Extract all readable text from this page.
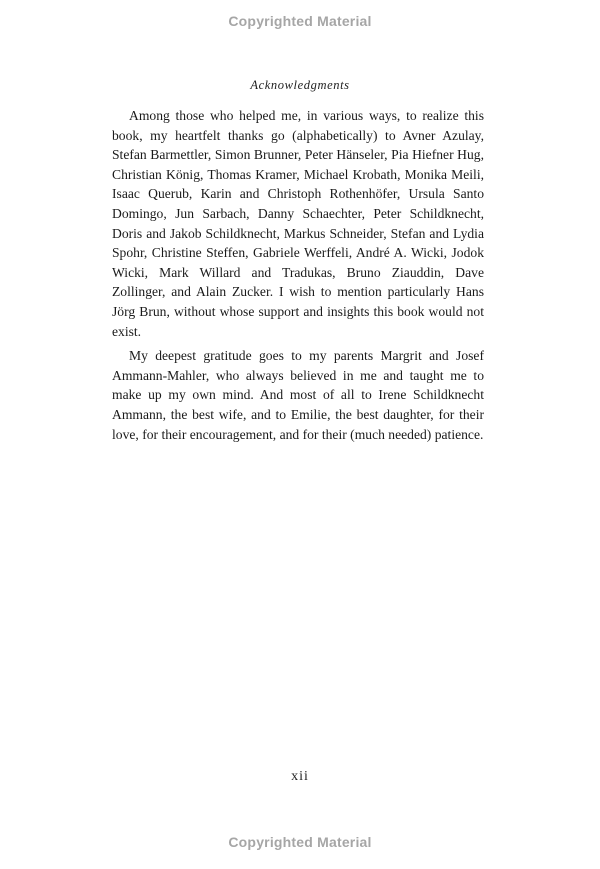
Copyrighted Material
Acknowledgments

Among those who helped me, in various ways, to realize this book, my heartfelt thanks go (alphabetically) to Avner Azulay, Stefan Barmettler, Simon Brunner, Peter Hänseler, Pia Hiefner Hug, Christian König, Thomas Kramer, Michael Krobath, Monika Meili, Isaac Querub, Karin and Christoph Rothenhöfer, Ursula Santo Domingo, Jun Sarbach, Danny Schaechter, Peter Schildknecht, Doris and Jakob Schildknecht, Markus Schneider, Stefan and Lydia Spohr, Christine Steffen, Gabriele Werffeli, André A. Wicki, Jodok Wicki, Mark Willard and Tradukas, Bruno Ziauddin, Dave Zollinger, and Alain Zucker. I wish to mention particularly Hans Jörg Brun, without whose support and insights this book would not exist.

My deepest gratitude goes to my parents Margrit and Josef Ammann-Mahler, who always believed in me and taught me to make up my own mind. And most of all to Irene Schildknecht Ammann, the best wife, and to Emilie, the best daughter, for their love, for their encouragement, and for their (much needed) patience.

xii
Copyrighted Material
